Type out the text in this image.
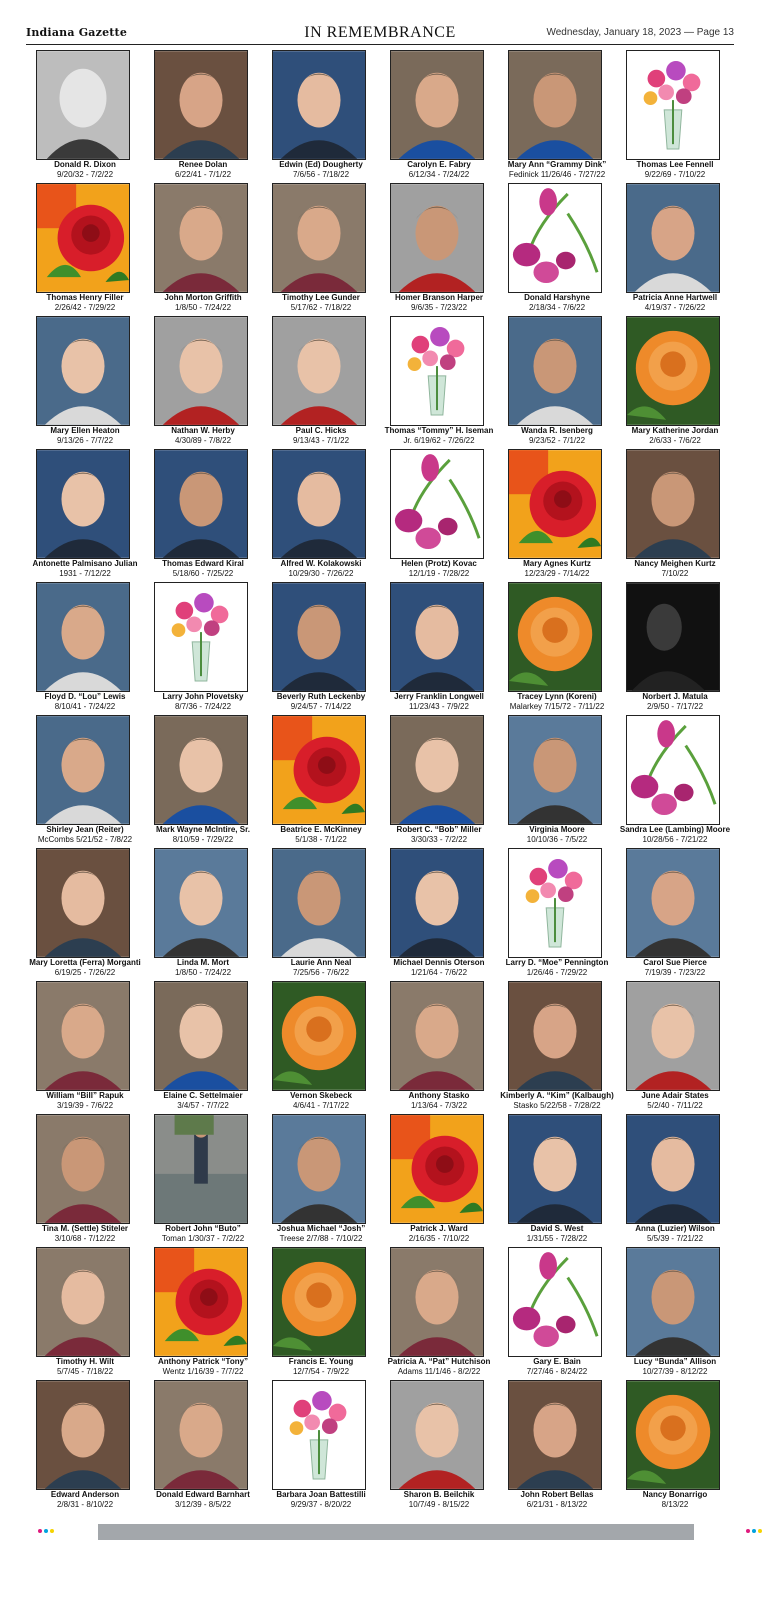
Indiana Gazette	IN REMEMBRANCE	Wednesday, January 18, 2023 — Page 13
Donald R. Dixon
9/20/32 - 7/2/22
Renee Dolan
6/22/41 - 7/1/22
Edwin (Ed) Dougherty
7/6/56 - 7/18/22
Carolyn E. Fabry
6/12/34 - 7/24/22
Mary Ann “Grammy Dink”
Fedinick 11/26/46 - 7/27/22
Thomas Lee Fennell
9/22/69 - 7/10/22
Thomas Henry Filler
2/26/42 - 7/29/22
John Morton Griffith
1/8/50 - 7/24/22
Timothy Lee Gunder
5/17/62 - 7/18/22
Homer Branson Harper
9/6/35 - 7/23/22
Donald Harshyne
2/18/34 - 7/6/22
Patricia Anne Hartwell
4/19/37 - 7/26/22
Mary Ellen Heaton
9/13/26 - 7/7/22
Nathan W. Herby
4/30/89 - 7/8/22
Paul C. Hicks
9/13/43 - 7/1/22
Thomas “Tommy” H. Iseman
Jr. 6/19/62 - 7/26/22
Wanda R. Isenberg
9/23/52 - 7/1/22
Mary Katherine Jordan
2/6/33 - 7/6/22
Antonette Palmisano Julian
1931 - 7/12/22
Thomas Edward Kiral
5/18/60 - 7/25/22
Alfred W. Kolakowski
10/29/30 - 7/26/22
Helen (Protz) Kovac
12/1/19 - 7/28/22
Mary Agnes Kurtz
12/23/29 - 7/14/22
Nancy Meighen Kurtz
7/10/22
Floyd D. “Lou” Lewis
8/10/41 - 7/24/22
Larry John Plovetsky
8/7/36 - 7/24/22
Beverly Ruth Leckenby
9/24/57 - 7/14/22
Jerry Franklin Longwell
11/23/43 - 7/9/22
Tracey Lynn (Koreni)
Malarkey 7/15/72 - 7/11/22
Norbert J. Matula
2/9/50 - 7/17/22
Shirley Jean (Reiter)
McCombs 5/21/52 - 7/8/22
Mark Wayne McIntire, Sr.
8/10/59 - 7/29/22
Beatrice E. McKinney
5/1/38 - 7/1/22
Robert C. “Bob” Miller
3/30/33 - 7/2/22
Virginia Moore
10/10/36 - 7/5/22
Sandra Lee (Lambing) Moore
10/28/56 - 7/21/22
Mary Loretta (Ferra) Morganti
6/19/25 - 7/26/22
Linda M. Mort
1/8/50 - 7/24/22
Laurie Ann Neal
7/25/56 - 7/6/22
Michael Dennis Oterson
1/21/64 - 7/6/22
Larry D. “Moe” Pennington
1/26/46 - 7/29/22
Carol Sue Pierce
7/19/39 - 7/23/22
William “Bill” Rapuk
3/19/39 - 7/6/22
Elaine C. Settelmaier
3/4/57 - 7/7/22
Vernon Skebeck
4/6/41 - 7/17/22
Anthony Stasko
1/13/64 - 7/3/22
Kimberly A. “Kim” (Kalbaugh)
Stasko 5/22/58 - 7/28/22
June Adair States
5/2/40 - 7/11/22
Tina M. (Settle) Stiteler
3/10/68 - 7/12/22
Robert John “Buto”
Toman 1/30/37 - 7/2/22
Joshua Michael “Josh”
Treese 2/7/88 - 7/10/22
Patrick J. Ward
2/16/35 - 7/10/22
David S. West
1/31/55 - 7/28/22
Anna (Luzier) Wilson
5/5/39 - 7/21/22
Timothy H. Wilt
5/7/45 - 7/18/22
Anthony Patrick “Tony”
Wentz 1/16/39 - 7/7/22
Francis E. Young
12/7/54 - 7/9/22
Patricia A. “Pat” Hutchison
Adams 11/1/46 - 8/2/22
Gary E. Bain
7/27/46 - 8/24/22
Lucy “Bunda” Allison
10/27/39 - 8/12/22
Edward Anderson
2/8/31 - 8/10/22
Donald Edward Barnhart
3/12/39 - 8/5/22
Barbara Joan Battestilli
9/29/37 - 8/20/22
Sharon B. Beilchik
10/7/49 - 8/15/22
John Robert Bellas
6/21/31 - 8/13/22
Nancy Bonarrigo
8/13/22
